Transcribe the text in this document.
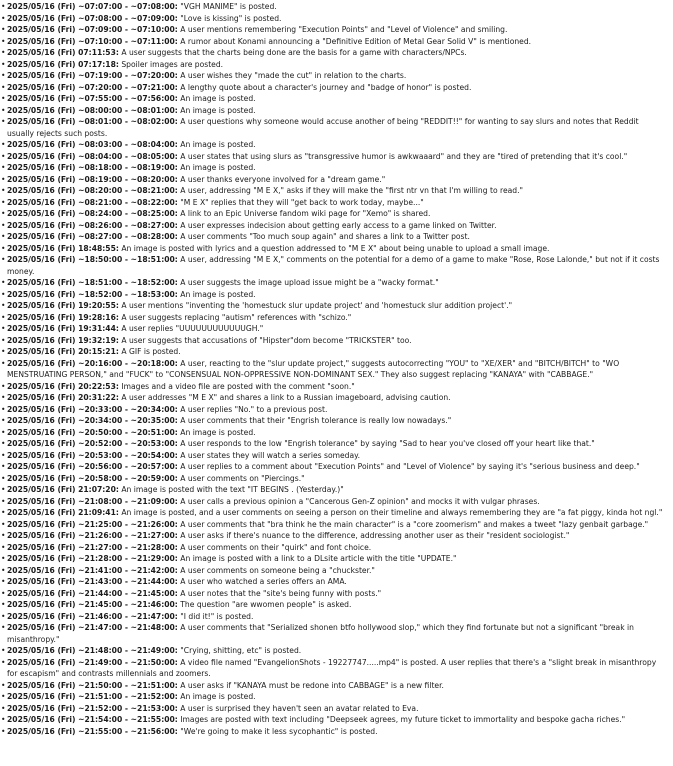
• 2025/05/16 (Fri) ~07:07:00 - ~07:08:00: "VGH MANIME" is posted.
• 2025/05/16 (Fri) ~07:08:00 - ~07:09:00: "Love is kissing" is posted.
• 2025/05/16 (Fri) ~07:09:00 - ~07:10:00: A user mentions remembering "Execution Points" and "Level of Violence" and smiling.
• 2025/05/16 (Fri) ~07:10:00 - ~07:11:00: A rumor about Konami announcing a "Definitive Edition of Metal Gear Solid V" is mentioned.
• 2025/05/16 (Fri) 07:11:53: A user suggests that the charts being done are the basis for a game with characters/NPCs.
• 2025/05/16 (Fri) 07:17:18: Spoiler images are posted.
• 2025/05/16 (Fri) ~07:19:00 - ~07:20:00: A user wishes they "made the cut" in relation to the charts.
• 2025/05/16 (Fri) ~07:20:00 - ~07:21:00: A lengthy quote about a character's journey and "badge of honor" is posted.
• 2025/05/16 (Fri) ~07:55:00 - ~07:56:00: An image is posted.
• 2025/05/16 (Fri) ~08:00:00 - ~08:01:00: An image is posted.
• 2025/05/16 (Fri) ~08:01:00 - ~08:02:00: A user questions why someone would accuse another of being "REDDIT!!" for wanting to say slurs and notes that Reddit usually rejects such posts.
• 2025/05/16 (Fri) ~08:03:00 - ~08:04:00: An image is posted.
• 2025/05/16 (Fri) ~08:04:00 - ~08:05:00: A user states that using slurs as "transgressive humor is awkwaaard" and they are "tired of pretending that it's cool."
• 2025/05/16 (Fri) ~08:18:00 - ~08:19:00: An image is posted.
• 2025/05/16 (Fri) ~08:19:00 - ~08:20:00: A user thanks everyone involved for a "dream game."
• 2025/05/16 (Fri) ~08:20:00 - ~08:21:00: A user, addressing "M E X," asks if they will make the "first ntr vn that I'm willing to read."
• 2025/05/16 (Fri) ~08:21:00 - ~08:22:00: "M E X" replies that they will "get back to work today, maybe..."
• 2025/05/16 (Fri) ~08:24:00 - ~08:25:00: A link to an Epic Universe fandom wiki page for "Xemo" is shared.
• 2025/05/16 (Fri) ~08:26:00 - ~08:27:00: A user expresses indecision about getting early access to a game linked on Twitter.
• 2025/05/16 (Fri) ~08:27:00 - ~08:28:00: A user comments "Too much soup again" and shares a link to a Twitter post.
• 2025/05/16 (Fri) 18:48:55: An image is posted with lyrics and a question addressed to "M E X" about being unable to upload a small image.
• 2025/05/16 (Fri) ~18:50:00 - ~18:51:00: A user, addressing "M E X," comments on the potential for a demo of a game to make "Rose, Rose Lalonde," but not if it costs money.
• 2025/05/16 (Fri) ~18:51:00 - ~18:52:00: A user suggests the image upload issue might be a "wacky format."
• 2025/05/16 (Fri) ~18:52:00 - ~18:53:00: An image is posted.
• 2025/05/16 (Fri) 19:20:55: A user mentions "inventing the 'homestuck slur update project' and 'homestuck slur addition project'."
• 2025/05/16 (Fri) 19:28:16: A user suggests replacing "autism" references with "schizo."
• 2025/05/16 (Fri) 19:31:44: A user replies "UUUUUUUUUUUUGH."
• 2025/05/16 (Fri) 19:32:19: A user suggests that accusations of "Hipster"dom become "TRICKSTER" too.
• 2025/05/16 (Fri) 20:15:21: A GIF is posted.
• 2025/05/16 (Fri) ~20:16:00 - ~20:18:00: A user, reacting to the "slur update project," suggests autocorrecting "YOU" to "XE/XER" and "BITCH/BITCH" to "WO MENSTRUATING PERSON," and "FUCK" to "CONSENSUAL NON-OPPRESSIVE NON-DOMINANT SEX." They also suggest replacing "KANAYA" with "CABBAGE."
• 2025/05/16 (Fri) 20:22:53: Images and a video file are posted with the comment "soon."
• 2025/05/16 (Fri) 20:31:22: A user addresses "M E X" and shares a link to a Russian imageboard, advising caution.
• 2025/05/16 (Fri) ~20:33:00 - ~20:34:00: A user replies "No." to a previous post.
• 2025/05/16 (Fri) ~20:34:00 - ~20:35:00: A user comments that their "Engrish tolerance is really low nowadays."
• 2025/05/16 (Fri) ~20:50:00 - ~20:51:00: An image is posted.
• 2025/05/16 (Fri) ~20:52:00 - ~20:53:00: A user responds to the low "Engrish tolerance" by saying "Sad to hear you've closed off your heart like that."
• 2025/05/16 (Fri) ~20:53:00 - ~20:54:00: A user states they will watch a series someday.
• 2025/05/16 (Fri) ~20:56:00 - ~20:57:00: A user replies to a comment about "Execution Points" and "Level of Violence" by saying it's "serious business and deep."
• 2025/05/16 (Fri) ~20:58:00 - ~20:59:00: A user comments on "Piercings."
• 2025/05/16 (Fri) 21:07:20: An image is posted with the text "IT BEGINS . (Yesterday.)"
• 2025/05/16 (Fri) ~21:08:00 - ~21:09:00: A user calls a previous opinion a "Cancerous Gen-Z opinion" and mocks it with vulgar phrases.
• 2025/05/16 (Fri) 21:09:41: An image is posted, and a user comments on seeing a person on their timeline and always remembering they are "a fat piggy, kinda hot ngl."
• 2025/05/16 (Fri) ~21:25:00 - ~21:26:00: A user comments that "bra think he the main character" is a "core zoomerism" and makes a tweet "lazy genbait garbage."
• 2025/05/16 (Fri) ~21:26:00 - ~21:27:00: A user asks if there's nuance to the difference, addressing another user as their "resident sociologist."
• 2025/05/16 (Fri) ~21:27:00 - ~21:28:00: A user comments on their "quirk" and font choice.
• 2025/05/16 (Fri) ~21:28:00 - ~21:29:00: An image is posted with a link to a DLsite article with the title "UPDATE."
• 2025/05/16 (Fri) ~21:41:00 - ~21:42:00: A user comments on someone being a "chuckster."
• 2025/05/16 (Fri) ~21:43:00 - ~21:44:00: A user who watched a series offers an AMA.
• 2025/05/16 (Fri) ~21:44:00 - ~21:45:00: A user notes that the "site's being funny with posts."
• 2025/05/16 (Fri) ~21:45:00 - ~21:46:00: The question "are wwomen people" is asked.
• 2025/05/16 (Fri) ~21:46:00 - ~21:47:00: "I did it!" is posted.
• 2025/05/16 (Fri) ~21:47:00 - ~21:48:00: A user comments that "Serialized shonen btfo hollywood slop," which they find fortunate but not a significant "break in misanthropy."
• 2025/05/16 (Fri) ~21:48:00 - ~21:49:00: "Crying, shitting, etc" is posted.
• 2025/05/16 (Fri) ~21:49:00 - ~21:50:00: A video file named "EvangelionShots - 19227747.....mp4" is posted. A user replies that there's a "slight break in misanthropy for escapism" and contrasts millennials and zoomers.
• 2025/05/16 (Fri) ~21:50:00 - ~21:51:00: A user asks if "KANAYA must be redone into CABBAGE" is a new filter.
• 2025/05/16 (Fri) ~21:51:00 - ~21:52:00: An image is posted.
• 2025/05/16 (Fri) ~21:52:00 - ~21:53:00: A user is surprised they haven't seen an avatar related to Eva.
• 2025/05/16 (Fri) ~21:54:00 - ~21:55:00: Images are posted with text including "Deepseek agrees, my future ticket to immortality and bespoke gacha riches."
• 2025/05/16 (Fri) ~21:55:00 - ~21:56:00: "We're going to make it less sycophantic" is posted.
